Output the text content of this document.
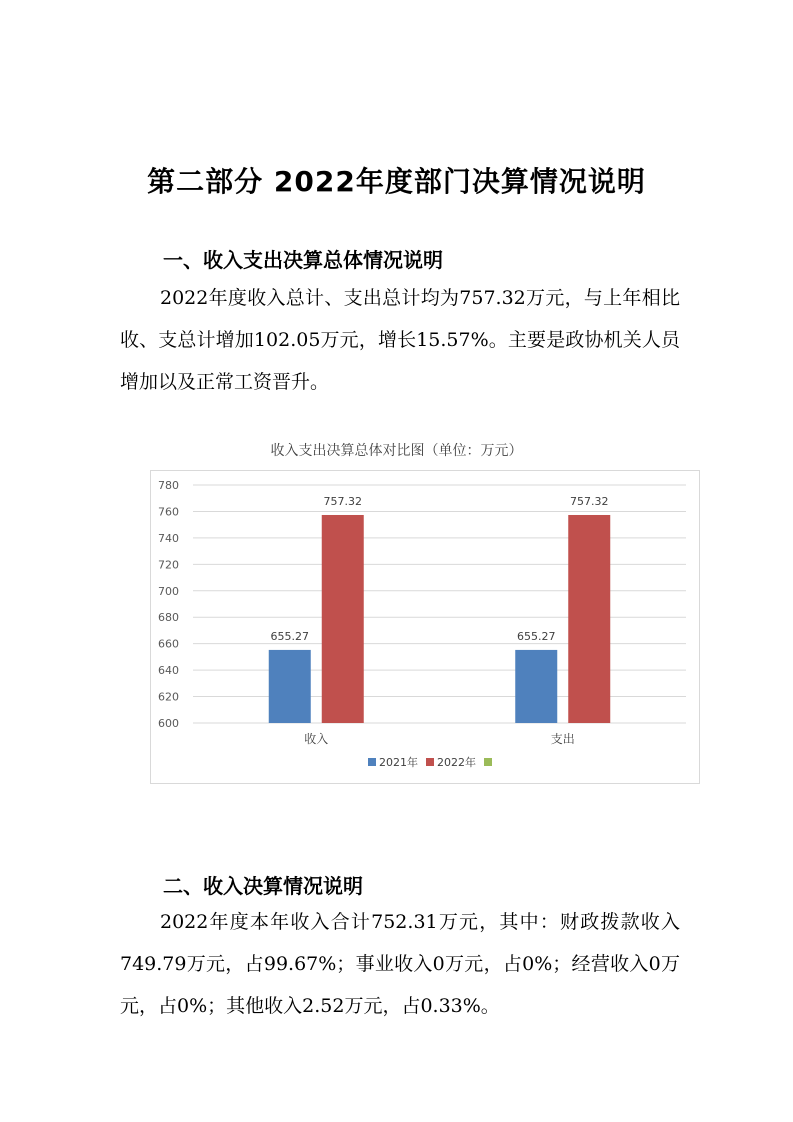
第二部分 2022年度部门决算情况说明
一、收入支出决算总体情况说明

2022年度收入总计、支出总计均为757.32万元，与上年相比收、支总计增加102.05万元，增长15.57%。主要是政协机关人员增加以及正常工资晋升。

收入支出决算总体对比图（单位：万元）
600
620
640
660
680
700
720
740
760
780
655.27
757.32
收入
655.27
757.32
支出
2021年 2022年
二、收入决算情况说明

2022年度本年收入合计752.31万元，其中：财政拨款收入749.79万元，占99.67%；事业收入0万元，占0%；经营收入0万元，占0%；其他收入2.52万元，占0.33%。
